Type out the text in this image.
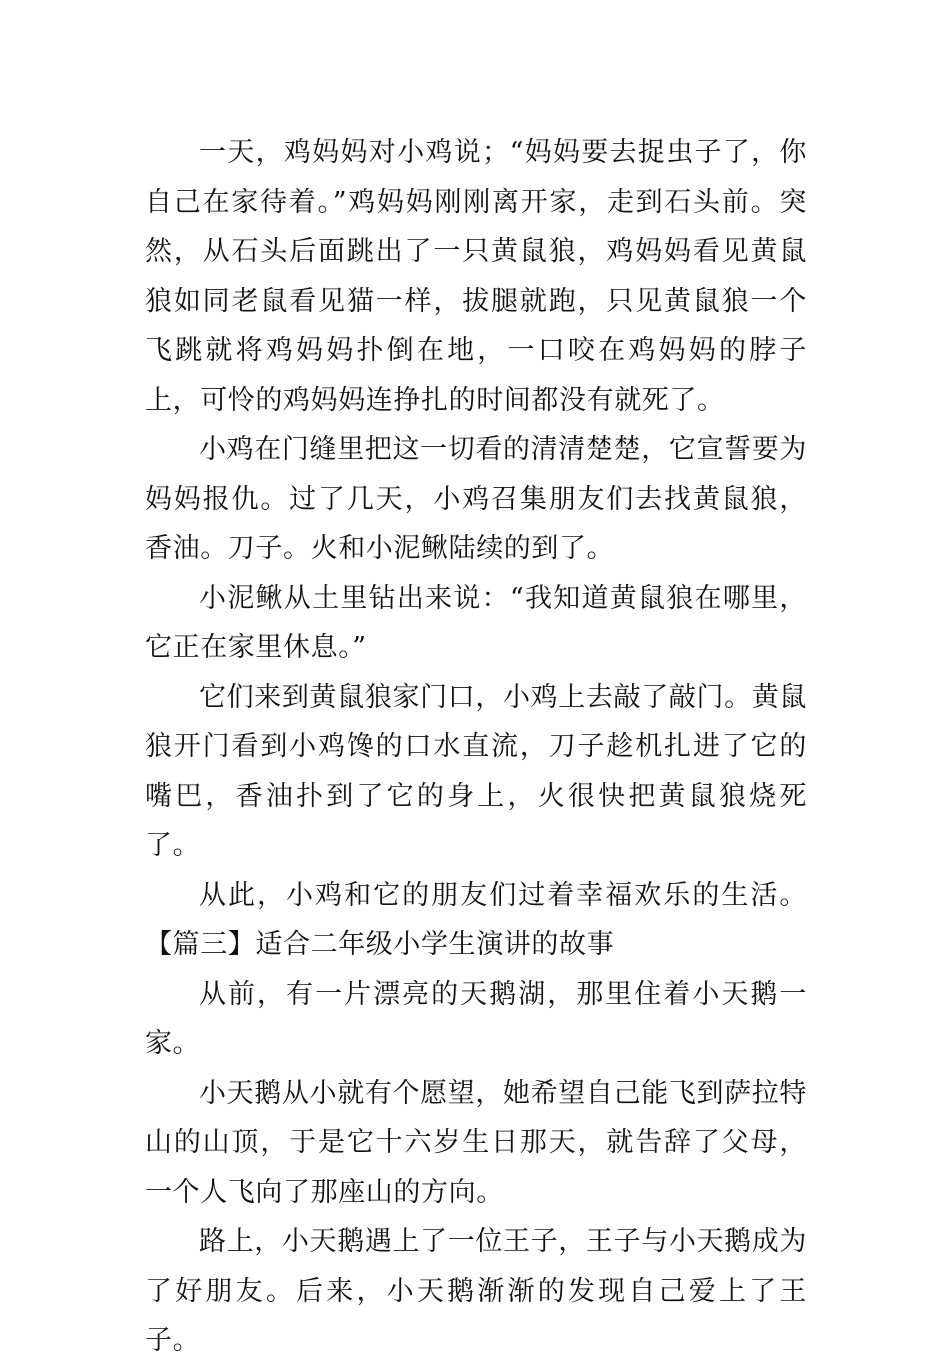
一天，鸡妈妈对小鸡说；“妈妈要去捉虫子了，你自己在家待着。”鸡妈妈刚刚离开家，走到石头前。突然，从石头后面跳出了一只黄鼠狼，鸡妈妈看见黄鼠狼如同老鼠看见猫一样，拔腿就跑，只见黄鼠狼一个飞跳就将鸡妈妈扑倒在地，一口咬在鸡妈妈的脖子上，可怜的鸡妈妈连挣扎的时间都没有就死了。

小鸡在门缝里把这一切看的清清楚楚，它宣誓要为妈妈报仇。过了几天，小鸡召集朋友们去找黄鼠狼，香油。刀子。火和小泥鳅陆续的到了。

小泥鳅从土里钻出来说：“我知道黄鼠狼在哪里，它正在家里休息。”

它们来到黄鼠狼家门口，小鸡上去敲了敲门。黄鼠狼开门看到小鸡馋的口水直流，刀子趁机扎进了它的嘴巴，香油扑到了它的身上，火很快把黄鼠狼烧死了。

从此，小鸡和它的朋友们过着幸福欢乐的生活。 【篇三】适合二年级小学生演讲的故事

从前，有一片漂亮的天鹅湖，那里住着小天鹅一家。

小天鹅从小就有个愿望，她希望自己能飞到萨拉特山的山顶，于是它十六岁生日那天，就告辞了父母，一个人飞向了那座山的方向。

路上，小天鹅遇上了一位王子，王子与小天鹅成为了好朋友。后来，小天鹅渐渐的发现自己爱上了王子。
